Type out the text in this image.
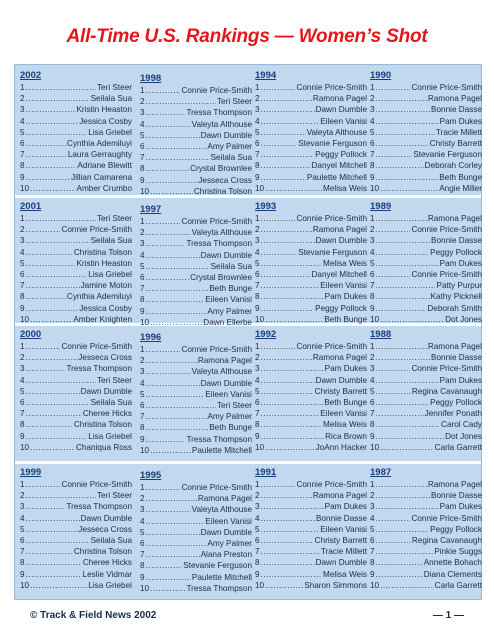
All-Time U.S. Rankings — Women’s Shot
2002
1 .....	Teri Steer
2 .....	Seilala Sua
3 .....	Kristin Heaston
4 .....	Jessica Cosby
5 .....	Lisa Griebel
6 .....	Cynthia Ademiluyi
7 .....	Laura Gerraughty
8 .....	Adriane Blewitt
9 .....	Jillian Camarena
10 .....	Amber Crumbo
2001
1 .....	Teri Steer
2 .....	Connie Price-Smith
3 .....	Seilala Sua
4 .....	Christina Tolson
5 .....	Kristin Heaston
6 .....	Lisa Griebel
7 .....	Jamine Moton
8 .....	Cynthia Ademiluyi
9 .....	Jessica Cosby
10 .....	Amber Knighten
2000
1 .....	Connie Price-Smith
2 .....	Jesseca Cross
3 .....	Tressa Thompson
4 .....	Teri Steer
5 .....	Dawn Dumble
6 .....	Seilala Sua
7 .....	Cheree Hicks
8 .....	Christina Tolson
9 .....	Lisa Griebel
10 .....	Chaniqua Ross
1999
1 .....	Connie Price-Smith
2 .....	Teri Steer
3 .....	Tressa Thompson
4 .....	Dawn Dumble
5 .....	Jesseca Cross
6 .....	Seilala Sua
7 .....	Christina Tolson
8 .....	Cheree Hicks
9 .....	Leslie Vidmar
10 .....	Lisa Griebel
1998
1 .....	Connie Price-Smith
2 .....	Teri Steer
3 .....	Tressa Thompson
4 .....	Valeyta Althouse
5 .....	Dawn Dumble
6 .....	Amy Palmer
7 .....	Seilala Sua
8 .....	Crystal Brownlee
9 .....	Jesseca Cross
10 .....	Christina Tolson
1997
1 .....	Connie Price-Smith
2 .....	Valeyta Althouse
3 .....	Tressa Thompson
4 .....	Dawn Dumble
5 .....	Seilala Sua
6 .....	Crystal Brownlee
7 .....	Beth Bunge
8 .....	Eileen Vanisi
9 .....	Amy Palmer
10 .....	Dawn Ellerbe
1996
1 .....	Connie Price-Smith
2 .....	Ramona Pagel
3 .....	Valeyta Althouse
4 .....	Dawn Dumble
5 .....	Eileen Vanisi
6 .....	Teri Steer
7 .....	Amy Palmer
8 .....	Beth Bunge
9 .....	Tressa Thompson
10 .....	Paulette Mitchell
1995
1 .....	Connie Price-Smith
2 .....	Ramona Pagel
3 .....	Valeyta Althouse
4 .....	Eileen Vanisi
5 .....	Dawn Dumble
6 .....	Amy Palmer
7 .....	Alana Preston
8 .....	Stevanie Ferguson
9 .....	Paulette Mitchell
10 .....	Tressa Thompson
1994
1 .....	Connie Price-Smith
2 .....	Ramona Pagel
3 .....	Dawn Dumble
4 .....	Eileen Vanisi
5 .....	Valeyta Althouse
6 .....	Stevanie Ferguson
7 .....	Peggy Pollock
8 .....	Danyel Mitchell
9 .....	Paulette Mitchell
10 .....	Melisa Weis
1993
1 .....	Connie Price-Smith
2 .....	Ramona Pagel
3 .....	Dawn Dumble
4 .....	Stevanie Ferguson
5 .....	Melisa Weis
6 .....	Danyel Mitchell
7 .....	Eileen Vanisi
8 .....	Pam Dukes
9 .....	Peggy Pollock
10 .....	Beth Bunge
1992
1 .....	Connie Price-Smith
2 .....	Ramona Pagel
3 .....	Pam Dukes
4 .....	Dawn Dumble
5 .....	Christy Barrett
6 .....	Beth Bunge
7 .....	Eileen Vanisi
8 .....	Melisa Weis
9 .....	Rica Brown
10 .....	JoAnn Hacker
1991
1 .....	Connie Price-Smith
2 .....	Ramona Pagel
3 .....	Pam Dukes
4 .....	Bonnie Dasse
5 .....	Eileen Vanisi
6 .....	Christy Barrett
7 .....	Tracie Millett
8 .....	Dawn Dumble
9 .....	Melisa Weis
10 .....	Sharon Simmons
1990
1 .....	Connie Price-Smith
2 .....	Ramona Pagel
3 .....	Bonnie Dasse
4 .....	Pam Dukes
5 .....	Tracie Millett
6 .....	Christy Barrett
7 .....	Stevanie Ferguson
8 .....	Deborah Corley
9 .....	Beth Bunge
10 .....	Angie Miller
1989
1 .....	Ramona Pagel
2 .....	Connie Price-Smith
3 .....	Bonnie Dasse
4 .....	Peggy Pollock
5 .....	Pam Dukes
6 .....	Connie Price-Smith
7 .....	Patty Purpur
8 .....	Kathy Picknell
9 .....	Deborah Smith
10 .....	Dot Jones
1988
1 .....	Ramona Pagel
2 .....	Bonnie Dasse
3 .....	Connie Price-Smith
4 .....	Pam Dukes
5 .....	Regina Cavanaugh
6 .....	Peggy Pollock
7 .....	Jennifer Ponath
8 .....	Carol Cady
9 .....	Dot Jones
10 .....	Carla Garrett
1987
1 .....	Ramona Pagel
2 .....	Bonnie Dasse
3 .....	Pam Dukes
4 .....	Connie Price-Smith
5 .....	Peggy Pollock
6 .....	Regina Cavanaugh
7 .....	Pinkie Suggs
8 .....	Annette Bohach
9 .....	Diana Clements
10 .....	Carla Garrett
© Track & Field News 2002	— 1 —
